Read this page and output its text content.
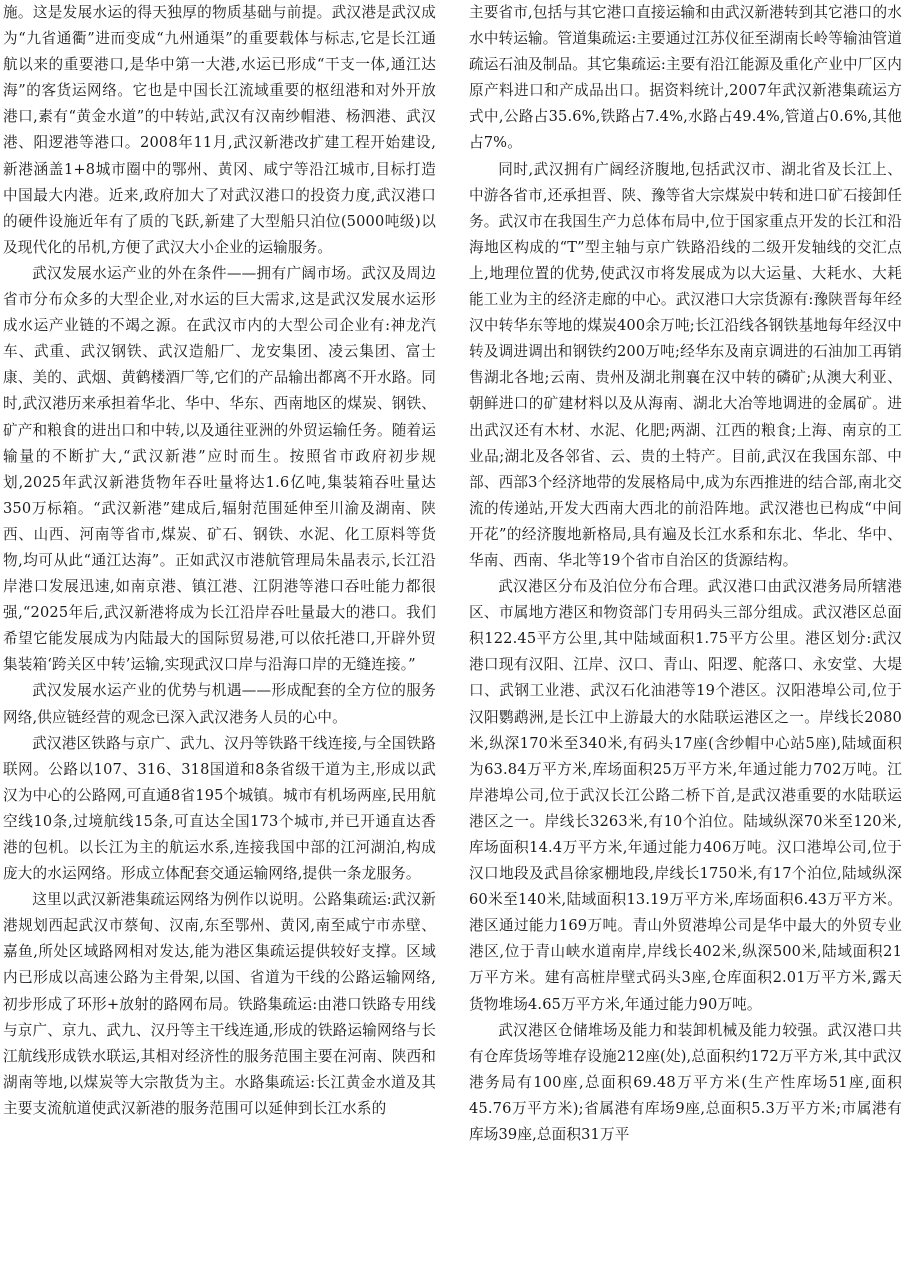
施。这是发展水运的得天独厚的物质基础与前提。武汉港是武汉成为“九省通衢”进而变成“九州通渠”的重要载体与标志,它是长江通航以来的重要港口,是华中第一大港,水运已形成“干支一体,通江达海”的客货运网络。它也是中国长江流域重要的枢纽港和对外开放港口,素有“黄金水道”的中转站,武汉有汉南纱帽港、杨泗港、武汉港、阳逻港等港口。2008年11月,武汉新港改扩建工程开始建设,新港涵盖1+8城市圈中的鄂州、黄冈、咸宁等沿江城市,目标打造中国最大内港。近来,政府加大了对武汉港口的投资力度,武汉港口的硬件设施近年有了质的飞跃,新建了大型船只泊位(5000吨级)以及现代化的吊机,方便了武汉大小企业的运输服务。

武汉发展水运产业的外在条件——拥有广阔市场。武汉及周边省市分布众多的大型企业,对水运的巨大需求,这是武汉发展水运形成水运产业链的不竭之源。在武汉市内的大型公司企业有:神龙汽车、武重、武汉钢铁、武汉造船厂、龙安集团、凌云集团、富士康、美的、武烟、黄鹤楼酒厂等,它们的产品输出都离不开水路。同时,武汉港历来承担着华北、华中、华东、西南地区的煤炭、钢铁、矿产和粮食的进出口和中转,以及通往亚洲的外贸运输任务。随着运输量的不断扩大,“武汉新港”应时而生。按照省市政府初步规划,2025年武汉新港货物年吞吐量将达1.6亿吨,集装箱吞吐量达350万标箱。“武汉新港”建成后,辐射范围延伸至川渝及湖南、陕西、山西、河南等省市,煤炭、矿石、钢铁、水泥、化工原料等货物,均可从此“通江达海”。正如武汉市港航管理局朱晶表示,长江沿岸港口发展迅速,如南京港、镇江港、江阴港等港口吞吐能力都很强,“2025年后,武汉新港将成为长江沿岸吞吐量最大的港口。我们希望它能发展成为内陆最大的国际贸易港,可以依托港口,开辟外贸集装箱‘跨关区中转’运输,实现武汉口岸与沿海口岸的无缝连接。”

武汉发展水运产业的优势与机遇——形成配套的全方位的服务网络,供应链经营的观念已深入武汉港务人员的心中。

武汉港区铁路与京广、武九、汉丹等铁路干线连接,与全国铁路联网。公路以107、316、318国道和8条省级干道为主,形成以武汉为中心的公路网,可直通8省195个城镇。城市有机场两座,民用航空线10条,过境航线15条,可直达全国173个城市,并已开通直达香港的包机。以长江为主的航运水系,连接我国中部的江河湖泊,构成庞大的水运网络。形成立体配套交通运输网络,提供一条龙服务。

这里以武汉新港集疏运网络为例作以说明。公路集疏运:武汉新港规划西起武汉市蔡甸、汉南,东至鄂州、黄冈,南至咸宁市赤壁、嘉鱼,所处区域路网相对发达,能为港区集疏运提供较好支撑。区域内已形成以高速公路为主骨架,以国、省道为干线的公路运输网络,初步形成了环形+放射的路网布局。铁路集疏运:由港口铁路专用线与京广、京九、武九、汉丹等主干线连通,形成的铁路运输网络与长江航线形成铁水联运,其相对经济性的服务范围主要在河南、陕西和湖南等地,以煤炭等大宗散货为主。水路集疏运:长江黄金水道及其主要支流航道使武汉新港的服务范围可以延伸到长江水系的

主要省市,包括与其它港口直接运输和由武汉新港转到其它港口的水水中转运输。管道集疏运:主要通过江苏仪征至湖南长岭等输油管道疏运石油及制品。其它集疏运:主要有沿江能源及重化产业中厂区内原产料进口和产成品出口。据资料统计,2007年武汉新港集疏运方式中,公路占35.6%,铁路占7.4%,水路占49.4%,管道占0.6%,其他占7%。

同时,武汉拥有广阔经济腹地,包括武汉市、湖北省及长江上、中游各省市,还承担晋、陕、豫等省大宗煤炭中转和进口矿石接卸任务。武汉市在我国生产力总体布局中,位于国家重点开发的长江和沿海地区构成的“T”型主轴与京广铁路沿线的二级开发轴线的交汇点上,地理位置的优势,使武汉市将发展成为以大运量、大耗水、大耗能工业为主的经济走廊的中心。武汉港口大宗货源有:豫陕晋每年经汉中转华东等地的煤炭400余万吨;长江沿线各钢铁基地每年经汉中转及调进调出和钢铁约200万吨;经华东及南京调进的石油加工再销售湖北各地;云南、贵州及湖北荆襄在汉中转的磷矿;从澳大利亚、朝鲜进口的矿建材料以及从海南、湖北大冶等地调进的金属矿。进出武汉还有木材、水泥、化肥;两湖、江西的粮食;上海、南京的工业品;湖北及各邻省、云、贵的土特产。目前,武汉在我国东部、中部、西部3个经济地带的发展格局中,成为东西推进的结合部,南北交流的传递站,开发大西南大西北的前沿阵地。武汉港也已构成“中间开花”的经济腹地新格局,具有遍及长江水系和东北、华北、华中、华南、西南、华北等19个省市自治区的货源结构。

武汉港区分布及泊位分布合理。武汉港口由武汉港务局所辖港区、市属地方港区和物资部门专用码头三部分组成。武汉港区总面积122.45平方公里,其中陆域面积1.75平方公里。港区划分:武汉港口现有汉阳、江岸、汉口、青山、阳逻、舵落口、永安堂、大堤口、武钢工业港、武汉石化油港等19个港区。汉阳港埠公司,位于汉阳鹦鹉洲,是长江中上游最大的水陆联运港区之一。岸线长2080米,纵深170米至340米,有码头17座(含纱帽中心站5座),陆域面积为63.84万平方米,库场面积25万平方米,年通过能力702万吨。江岸港埠公司,位于武汉长江公路二桥下首,是武汉港重要的水陆联运港区之一。岸线长3263米,有10个泊位。陆域纵深70米至120米,库场面积14.4万平方米,年通过能力406万吨。汉口港埠公司,位于汉口地段及武昌徐家棚地段,岸线长1750米,有17个泊位,陆域纵深60米至140米,陆域面积13.19万平方米,库场面积6.43万平方米。港区通过能力169万吨。青山外贸港埠公司是华中最大的外贸专业港区,位于青山峡水道南岸,岸线长402米,纵深500米,陆域面积21万平方米。建有高桩岸壁式码头3座,仓库面积2.01万平方米,露天货物堆场4.65万平方米,年通过能力90万吨。

武汉港区仓储堆场及能力和装卸机械及能力较强。武汉港口共有仓库货场等堆存设施212座(处),总面积约172万平方米,其中武汉港务局有100座,总面积69.48万平方米(生产性库场51座,面积45.76万平方米);省属港有库场9座,总面积5.3万平方米;市属港有库场39座,总面积31万平
